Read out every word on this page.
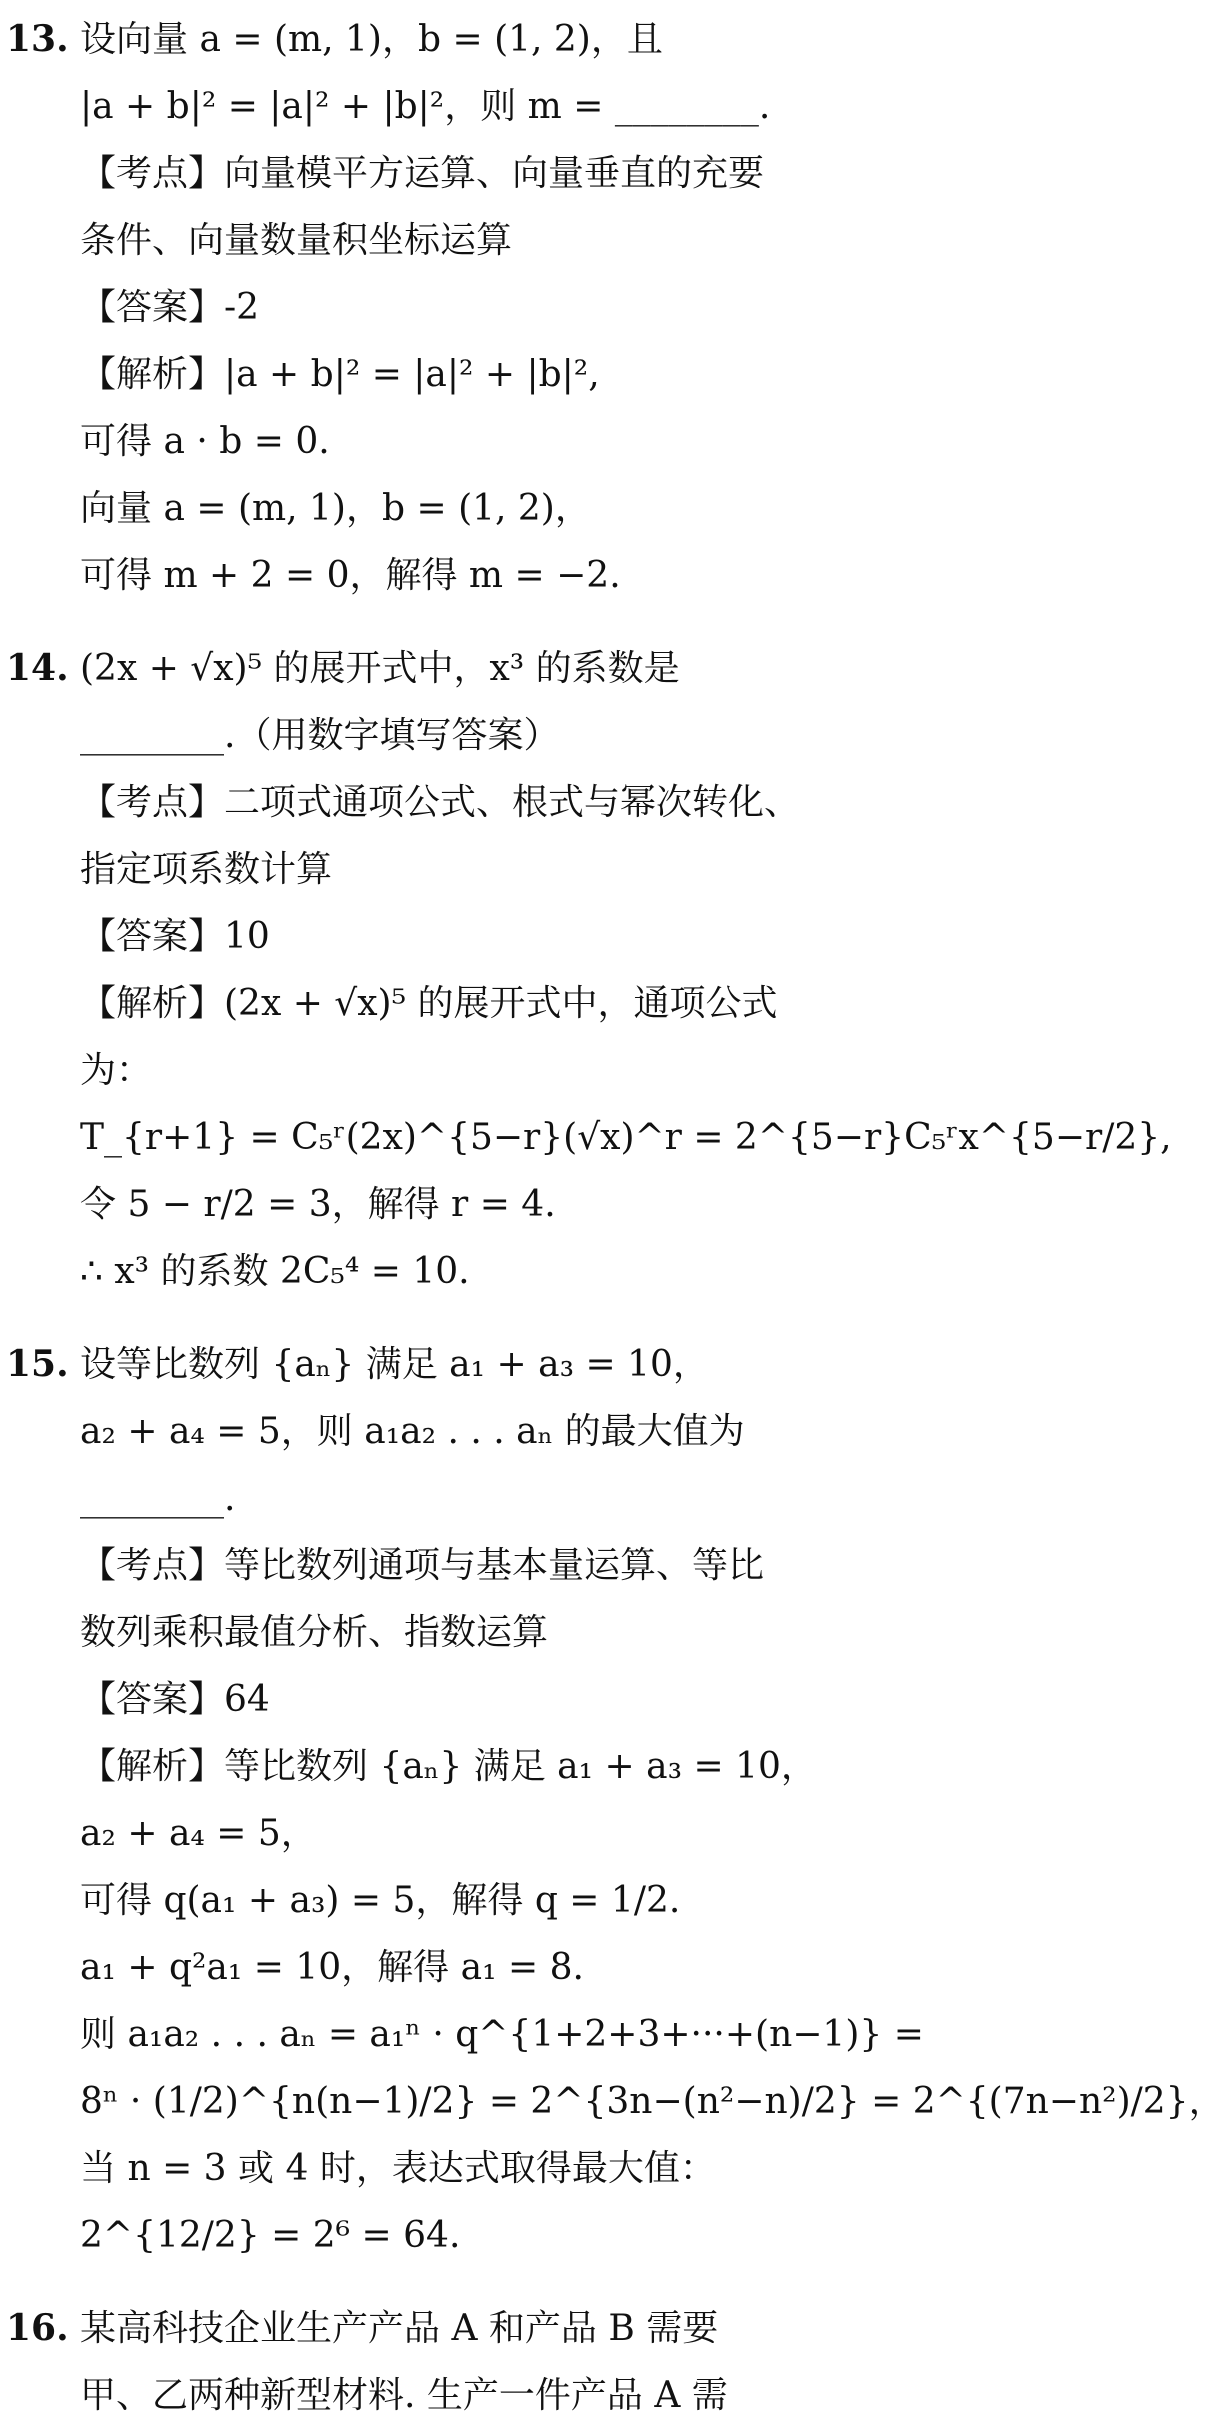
13. 设向量 a = (m, 1)，b = (1, 2)，且
|a + b|² = |a|² + |b|²，则 m = ________.
【考点】向量模平方运算、向量垂直的充要
条件、向量数量积坐标运算
【答案】-2
【解析】|a + b|² = |a|² + |b|²,
可得 a · b = 0.
向量 a = (m, 1)，b = (1, 2)，
可得 m + 2 = 0，解得 m = −2.
14. (2x + √x)⁵ 的展开式中，x³ 的系数是
________.（用数字填写答案）
【考点】二项式通项公式、根式与幂次转化、
指定项系数计算
【答案】10
【解析】(2x + √x)⁵ 的展开式中，通项公式
为：
T_{r+1} = C₅ʳ(2x)^{5−r}(√x)^r = 2^{5−r}C₅ʳx^{5−r/2},
令 5 − r/2 = 3，解得 r = 4.
∴ x³ 的系数 2C₅⁴ = 10.
15. 设等比数列 {aₙ} 满足 a₁ + a₃ = 10，
a₂ + a₄ = 5，则 a₁a₂ . . . aₙ 的最大值为
________.
【考点】等比数列通项与基本量运算、等比
数列乘积最值分析、指数运算
【答案】64
【解析】等比数列 {aₙ} 满足 a₁ + a₃ = 10，
a₂ + a₄ = 5，
可得 q(a₁ + a₃) = 5，解得 q = 1/2.
a₁ + q²a₁ = 10，解得 a₁ = 8.
则 a₁a₂ . . . aₙ = a₁ⁿ · q^{1+2+3+···+(n−1)} =
8ⁿ · (1/2)^{n(n−1)/2} = 2^{3n−(n²−n)/2} = 2^{(7n−n²)/2}，
当 n = 3 或 4 时，表达式取得最大值：
2^{12/2} = 2⁶ = 64.
16. 某高科技企业生产产品 A 和产品 B 需要
甲、乙两种新型材料. 生产一件产品 A 需
